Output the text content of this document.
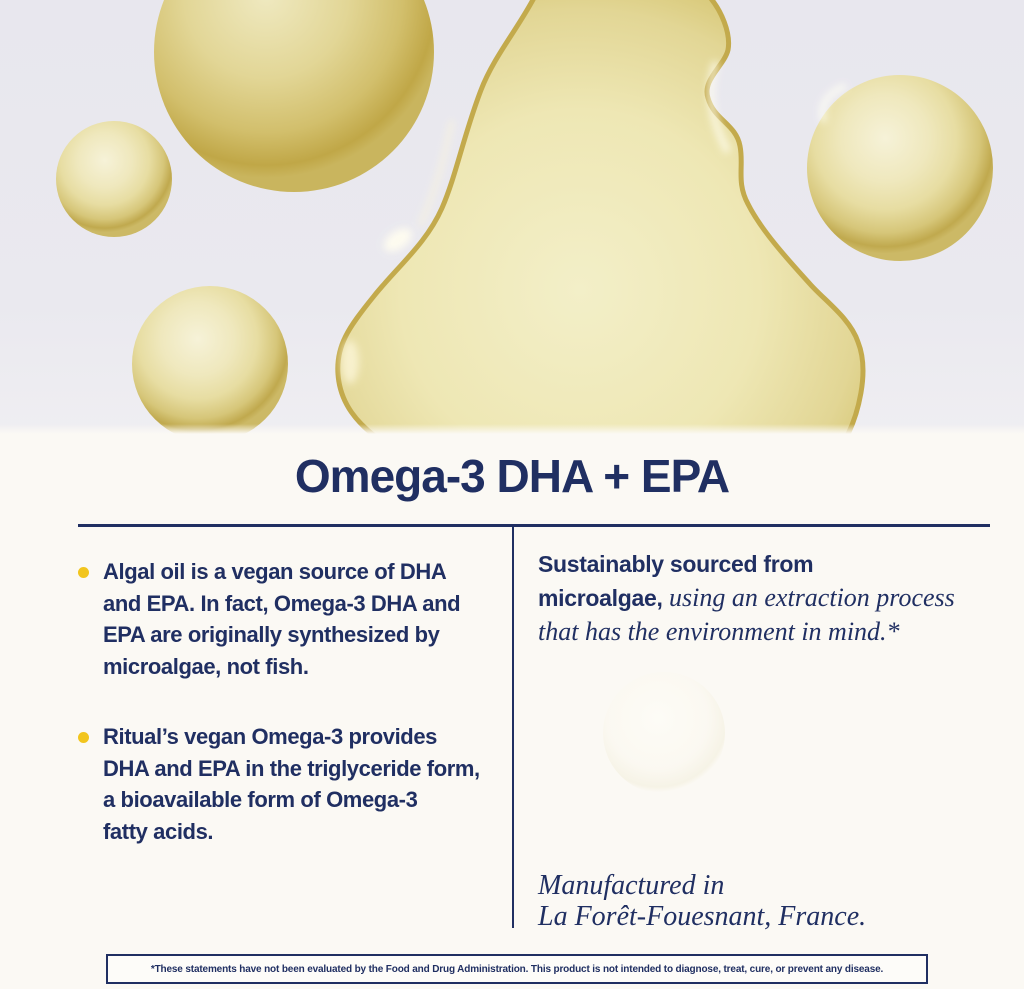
Omega-3 DHA + EPA
Algal oil is a vegan source of DHA
and EPA. In fact, Omega-3 DHA and
EPA are originally synthesized by
microalgae, not fish.
Ritual’s vegan Omega-3 provides
DHA and EPA in the triglyceride form,
a bioavailable form of Omega-3
fatty acids.
Sustainably sourced from
microalgae, using an extraction process
that has the environment in mind.*
Manufactured in
La Forêt-Fouesnant, France.
*These statements have not been evaluated by the Food and Drug Administration. This product is not intended to diagnose, treat, cure, or prevent any disease.
